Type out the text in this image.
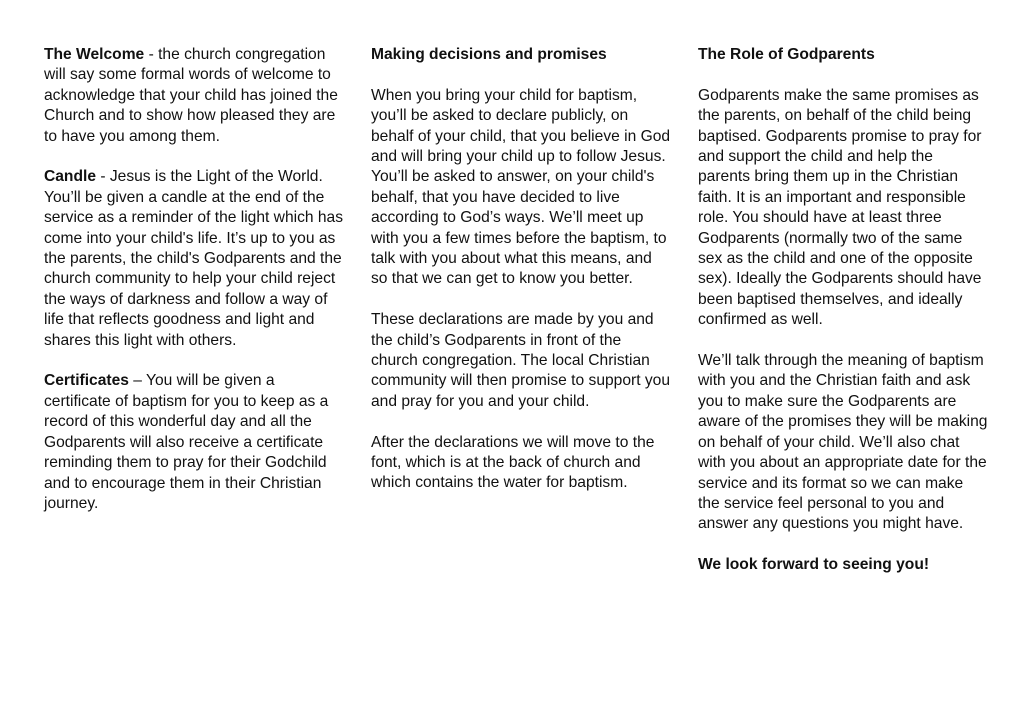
The Welcome - the church congregation will say some formal words of welcome to acknowledge that your child has joined the Church and to show how pleased they are to have you among them.

Candle - Jesus is the Light of the World. You’ll be given a candle at the end of the service as a reminder of the light which has come into your child's life. It’s up to you as the parents, the child's Godparents and the church community to help your child reject the ways of darkness and follow a way of life that reflects goodness and light and shares this light with others.

Certificates – You will be given a certificate of baptism for you to keep as a record of this wonderful day and all the Godparents will also receive a certificate reminding them to pray for their Godchild and to encourage them in their Christian journey.

Making decisions and promises

When you bring your child for baptism, you’ll be asked to declare publicly, on behalf of your child, that you believe in God and will bring your child up to follow Jesus.

You’ll be asked to answer, on your child's behalf, that you have decided to live according to God’s ways. We’ll meet up with you a few times before the baptism, to talk with you about what this means, and so that we can get to know you better.

These declarations are made by you and the child’s Godparents in front of the church congregation. The local Christian community will then promise to support you and pray for you and your child.

After the declarations we will move to the font, which is at the back of church and which contains the water for baptism.

The Role of Godparents

Godparents make the same promises as the parents, on behalf of the child being baptised. Godparents promise to pray for and support the child and help the parents bring them up in the Christian faith. It is an important and responsible role. You should have at least three Godparents (normally two of the same sex as the child and one of the opposite sex). Ideally the Godparents should have been baptised themselves, and ideally confirmed as well.

We’ll talk through the meaning of baptism with you and the Christian faith and ask you to make sure the Godparents are aware of the promises they will be making on behalf of your child. We’ll also chat with you about an appropriate date for the service and its format so we can make the service feel personal to you and answer any questions you might have.

We look forward to seeing you!
